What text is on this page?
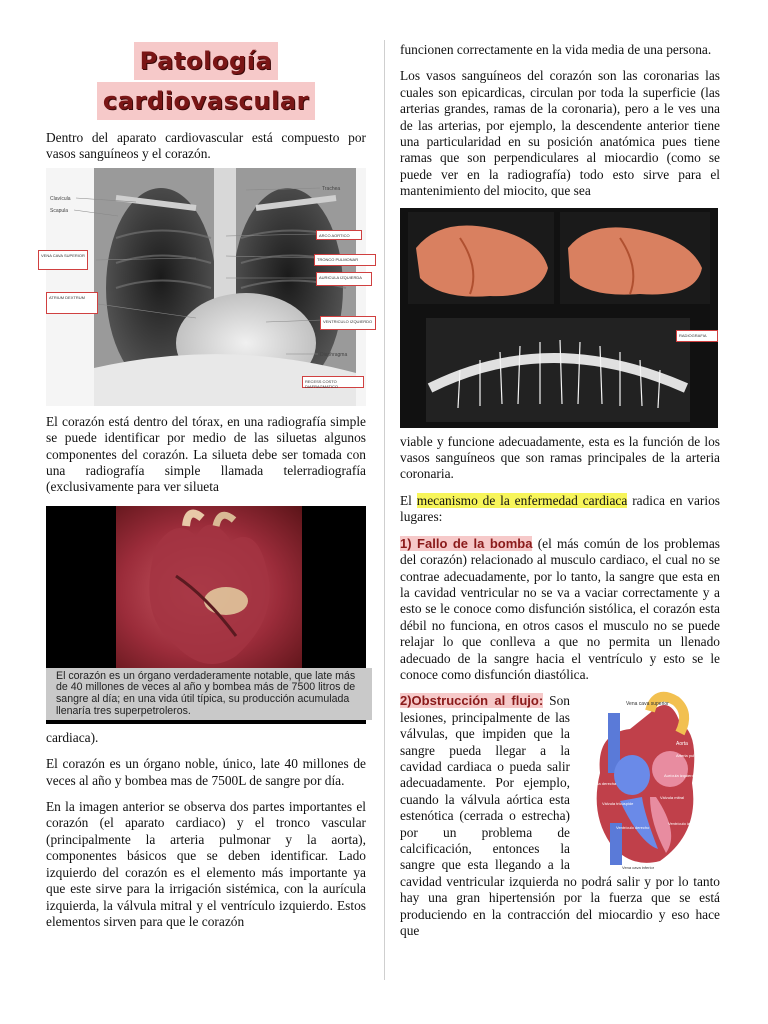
Patología
cardiovascular

Dentro del aparato cardiovascular está compuesto por vasos sanguíneos y el corazón.

Clavícula
Scapula
Trachea
Diaphragma
ARCO AORTICO
TRONCO PULMONAR
AURICULA IZQUIERDA
VENTRICULO IZQUIERDO
RECESS COSTO DIAFRAGMATICO
VENA CAVA SUPERIOR
ATRIUM DEXTRUM

El corazón está dentro del tórax, en una radiografía simple se puede identificar por medio de las siluetas algunos componentes del corazón. La silueta debe ser tomada con una radiografía simple llamada telerradiografía (exclusivamente para ver silueta

El corazón es un órgano verdaderamente notable, que late más de 40 millones de veces al año y bombea más de 7500 litros de sangre al día; en una vida útil típica, su producción acumulada llenaría tres superpetroleros.

cardiaca).

El corazón es un órgano noble, único, late 40 millones de veces al año y bombea mas de 7500L de sangre por día.

En la imagen anterior se observa dos partes importantes el corazón (el aparato cardiaco) y el tronco vascular (principalmente la arteria pulmonar y la aorta), componentes básicos que se deben identificar. Lado izquierdo del corazón es el elemento más importante ya que este sirve para la irrigación sistémica, con la aurícula izquierda, la válvula mitral y el ventrículo izquierdo. Estos elementos sirven para que le corazón

funcionen correctamente en la vida media de una persona.

Los vasos sanguíneos del corazón son las coronarias las cuales son epicardicas, circulan por toda la superficie (las arterias grandes, ramas de la coronaria), pero a le ves una de las arterias, por ejemplo, la descendente anterior tiene una particularidad en su posición anatómica pues tiene ramas que son perpendiculares al miocardio (como se puede ver en la radiografía) todo esto sirve para el mantenimiento del miocito, que sea

RADIOGRAFIA

viable y funcione adecuadamente, esta es la función de los vasos sanguíneos que son ramas principales de la arteria coronaria.

El mecanismo de la enfermedad cardiaca radica en varios lugares:

1) Fallo de la bomba (el más común de los problemas del corazón) relacionado al musculo cardiaco, el cual no se contrae adecuadamente, por lo tanto, la sangre que esta en la cavidad ventricular no se va a vaciar correctamente y a esto se le conoce como disfunción sistólica, el corazón esta débil no funciona, en otros casos el musculo no se puede relajar lo que conlleva a que no permita un llenado adecuado de la sangre hacia el ventrículo y esto se le conoce como disfunción diastólica.

Vena cava superior
Aorta
Arteria pulmonar
Aurícula derecha
Aurícula izquierda
Válvula tricúspide
Válvula mitral
Ventrículo derecho
Ventrículo izquierdo
Vena cava inferior
2)Obstrucción al flujo: Son lesiones, principalmente de las válvulas, que impiden que la sangre pueda llegar a la cavidad cardiaca o pueda salir adecuadamente. Por ejemplo, cuando la válvula aórtica esta estenótica (cerrada o estrecha) por un problema de calcificación, entonces la sangre que esta llegando a la cavidad ventricular izquierda no podrá salir y por lo tanto hay una gran hipertensión por la fuerza que se está produciendo en la contracción del miocardio y eso hace que
